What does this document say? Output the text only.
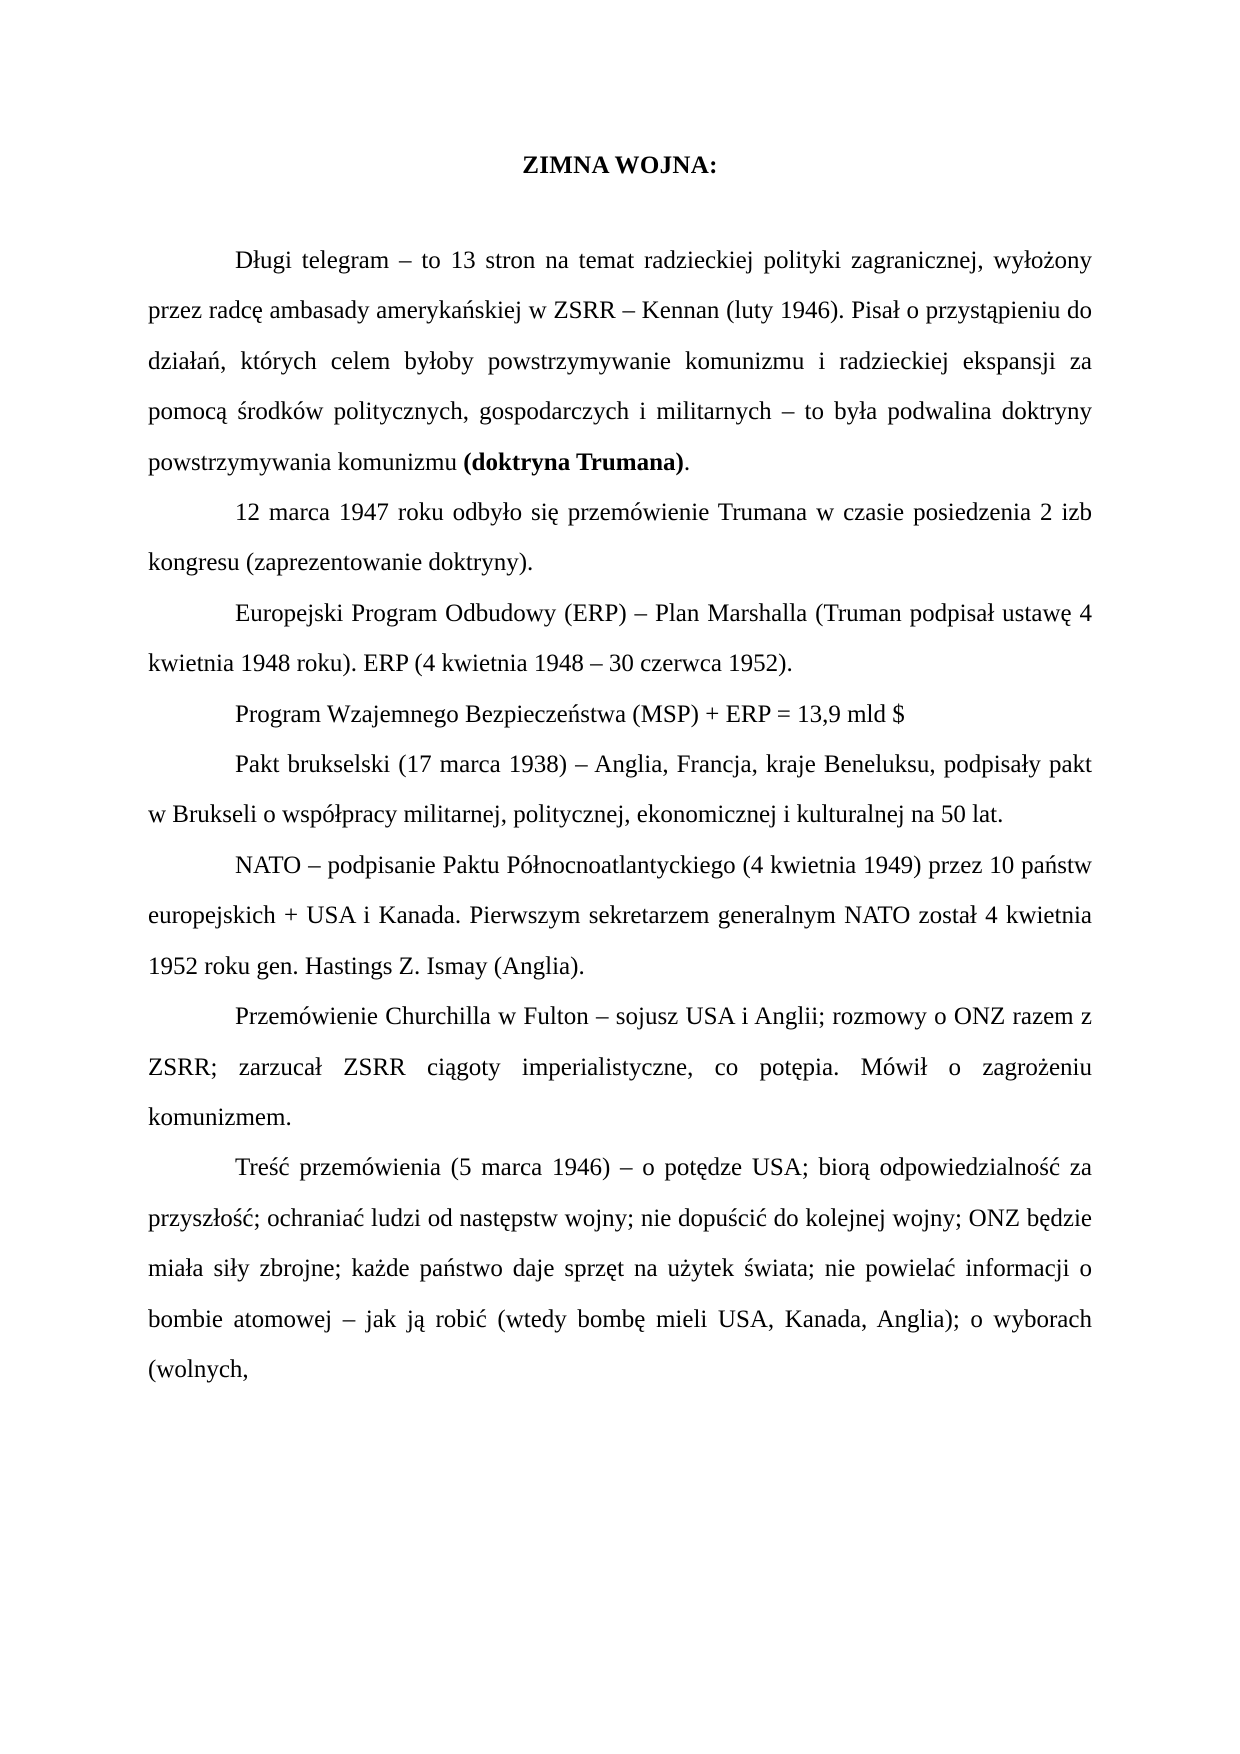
ZIMNA WOJNA:

Długi telegram – to 13 stron na temat radzieckiej polityki zagranicznej, wyłożony przez radcę ambasady amerykańskiej w ZSRR – Kennan (luty 1946). Pisał o przystąpieniu do działań, których celem byłoby powstrzymywanie komunizmu i radzieckiej ekspansji za pomocą środków politycznych, gospodarczych i militarnych – to była podwalina doktryny powstrzymywania komunizmu (doktryna Trumana).

12 marca 1947 roku odbyło się przemówienie Trumana w czasie posiedzenia 2 izb kongresu (zaprezentowanie doktryny).

Europejski Program Odbudowy (ERP) – Plan Marshalla (Truman podpisał ustawę 4 kwietnia 1948 roku). ERP (4 kwietnia 1948 – 30 czerwca 1952).

Program Wzajemnego Bezpieczeństwa (MSP) + ERP = 13,9 mld $

Pakt brukselski (17 marca 1938) – Anglia, Francja, kraje Beneluksu, podpisały pakt w Brukseli o współpracy militarnej, politycznej, ekonomicznej i kulturalnej na 50 lat.

NATO – podpisanie Paktu Północnoatlantyckiego (4 kwietnia 1949) przez 10 państw europejskich + USA i Kanada. Pierwszym sekretarzem generalnym NATO został 4 kwietnia 1952 roku gen. Hastings Z. Ismay (Anglia).

Przemówienie Churchilla w Fulton – sojusz USA i Anglii; rozmowy o ONZ razem z ZSRR; zarzucał ZSRR ciągoty imperialistyczne, co potępia. Mówił o zagrożeniu komunizmem.

Treść przemówienia (5 marca 1946) – o potędze USA; biorą odpowiedzialność za przyszłość; ochraniać ludzi od następstw wojny; nie dopuścić do kolejnej wojny; ONZ będzie miała siły zbrojne; każde państwo daje sprzęt na użytek świata; nie powielać informacji o bombie atomowej – jak ją robić (wtedy bombę mieli USA, Kanada, Anglia); o wyborach (wolnych,
